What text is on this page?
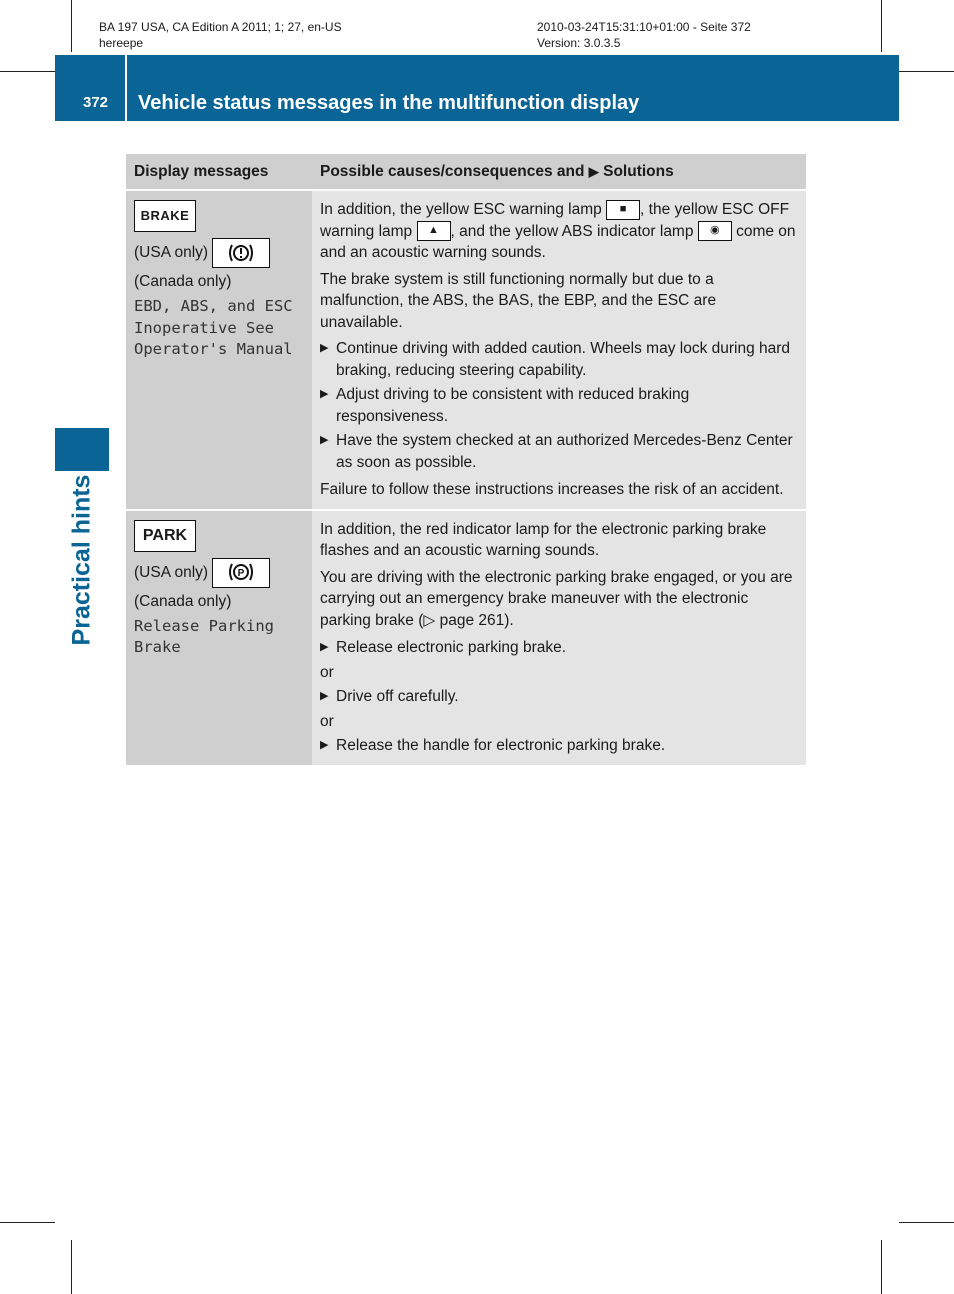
BA 197 USA, CA Edition A 2011; 1; 27, en-US
hereepe
2010-03-24T15:31:10+01:00 - Seite 372
Version: 3.0.3.5
372	Vehicle status messages in the multifunction display
Practical hints
Display messages	Possible causes/consequences and ▶ Solutions
BRAKE
(USA only)
(Canada only)
EBD, ABS, and ESC Inoperative See Operator's Manual

In addition, the yellow ESC warning lamp ■ , the yellow ESC OFF warning lamp ▲ , and the yellow ABS indicator lamp ◉ come on and an acoustic warning sounds.

The brake system is still functioning normally but due to a malfunction, the ABS, the BAS, the EBP, and the ESC are unavailable.

▶ Continue driving with added caution. Wheels may lock during hard braking, reducing steering capability.
▶ Adjust driving to be consistent with reduced braking responsiveness.
▶ Have the system checked at an authorized Mercedes-Benz Center as soon as possible.

Failure to follow these instructions increases the risk of an accident.

PARK
(USA only)	P
(Canada only)
Release Parking Brake

In addition, the red indicator lamp for the electronic parking brake flashes and an acoustic warning sounds.

You are driving with the electronic parking brake engaged, or you are carrying out an emergency brake maneuver with the electronic parking brake (▷ page 261).

▶ Release electronic parking brake.

or

▶ Drive off carefully.

or

▶ Release the handle for electronic parking brake.
